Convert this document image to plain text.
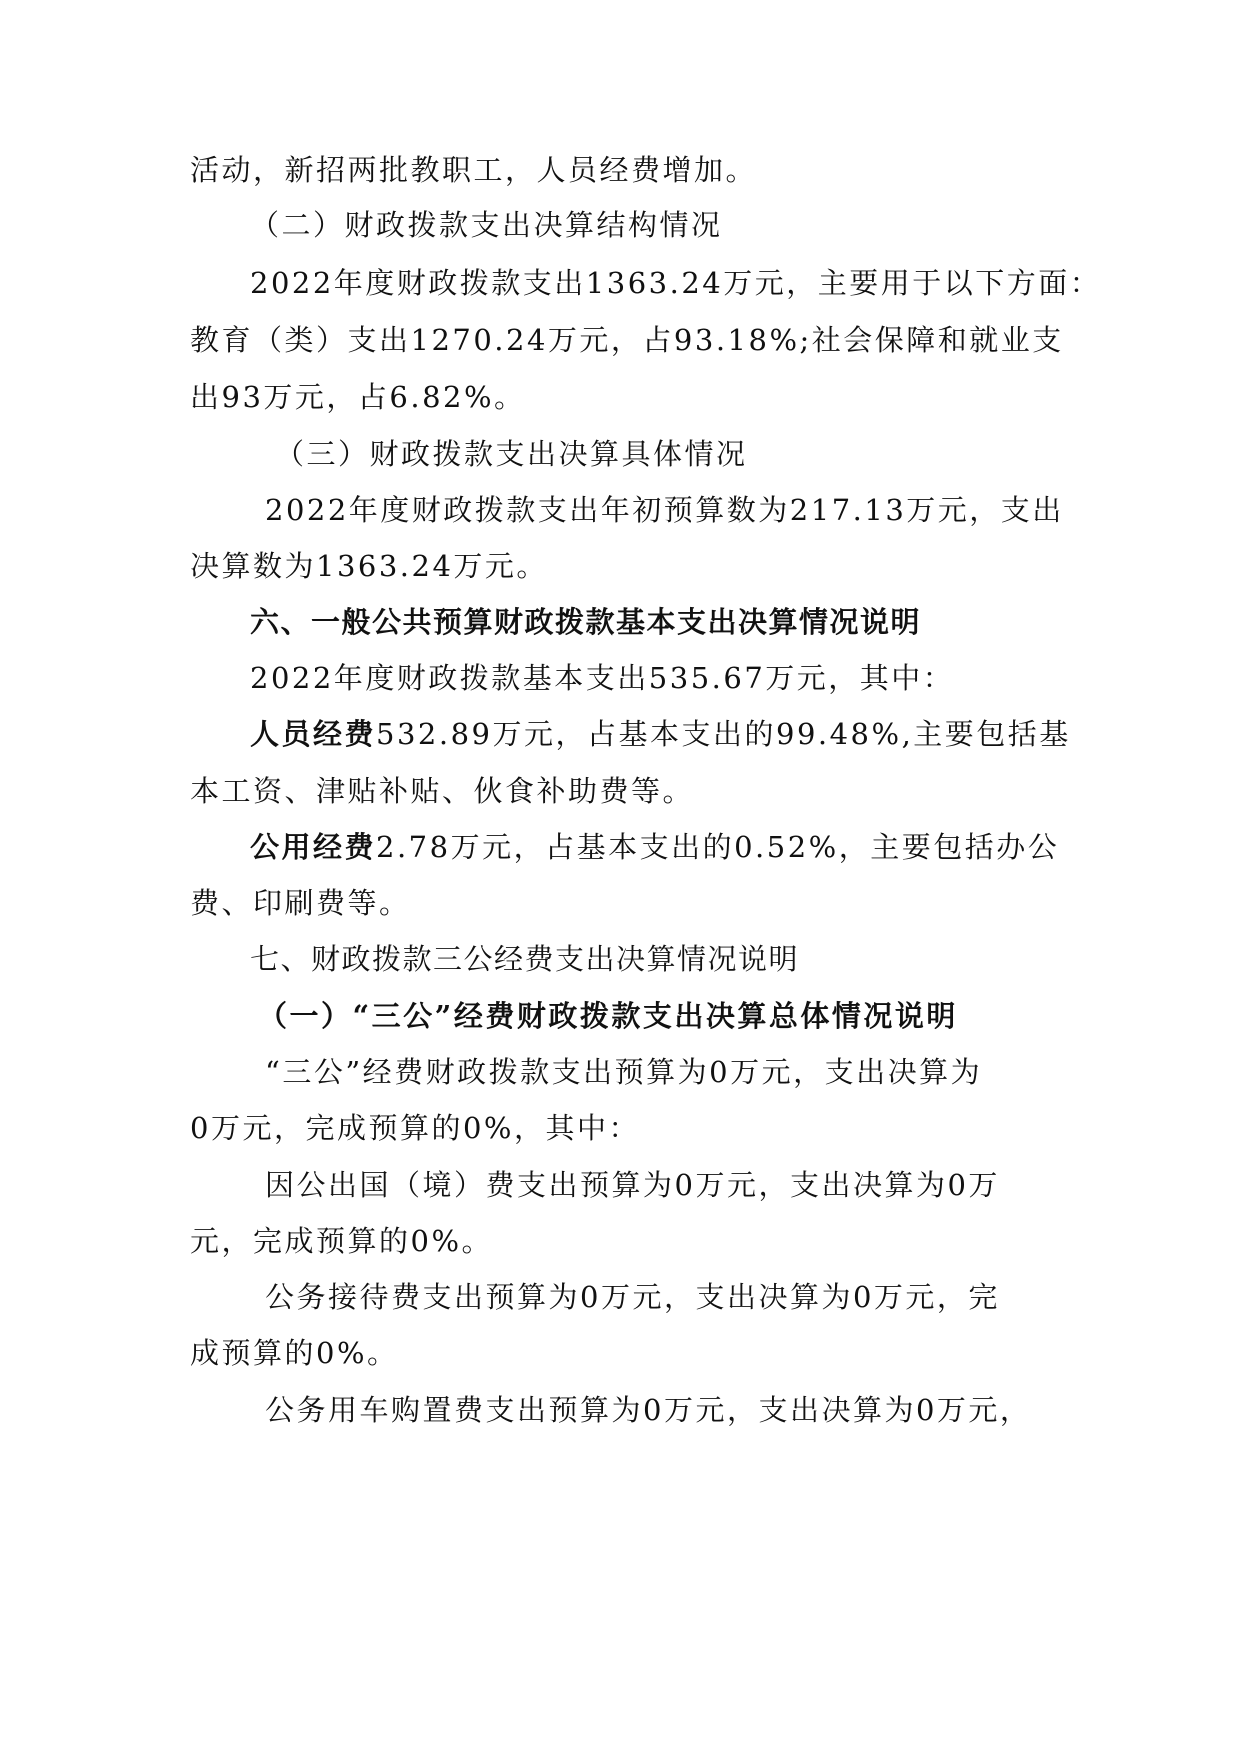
活动，新招两批教职工，人员经费增加。
（二）财政拨款支出决算结构情况
2022年度财政拨款支出1363.24万元，主要用于以下方面：
教育（类）支出1270.24万元，占93.18%;社会保障和就业支
出93万元，占6.82%。
（三）财政拨款支出决算具体情况
2022年度财政拨款支出年初预算数为217.13万元，支出
决算数为1363.24万元。
六、一般公共预算财政拨款基本支出决算情况说明
2022年度财政拨款基本支出535.67万元，其中：
人员经费532.89万元，占基本支出的99.48%,主要包括基
本工资、津贴补贴、伙食补助费等。
公用经费2.78万元，占基本支出的0.52%，主要包括办公
费、印刷费等。
七、财政拨款三公经费支出决算情况说明
（一）“三公”经费财政拨款支出决算总体情况说明
“三公”经费财政拨款支出预算为0万元，支出决算为
0万元，完成预算的0%，其中：
因公出国（境）费支出预算为0万元，支出决算为0万
元，完成预算的0%。
公务接待费支出预算为0万元，支出决算为0万元，完
成预算的0%。
公务用车购置费支出预算为0万元，支出决算为0万元，
